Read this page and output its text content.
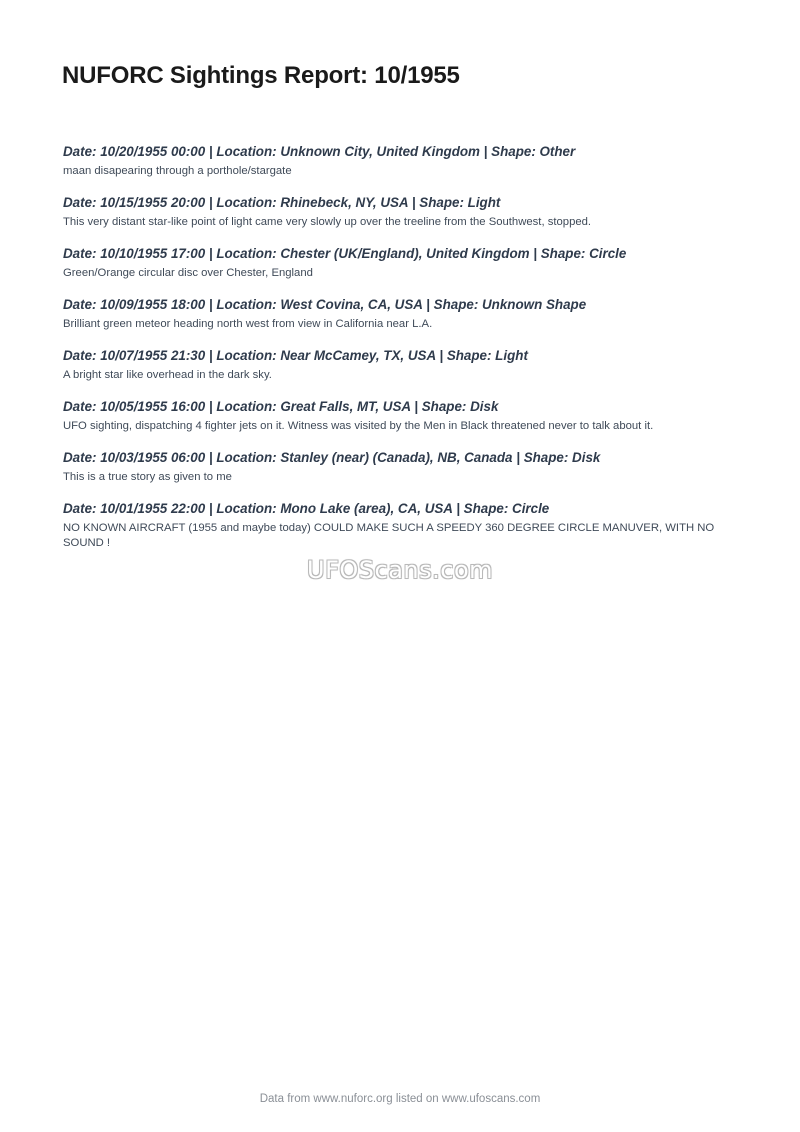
NUFORC Sightings Report: 10/1955
Date: 10/20/1955 00:00 | Location: Unknown City, United Kingdom | Shape: Other
maan disapearing through a porthole/stargate
Date: 10/15/1955 20:00 | Location: Rhinebeck, NY, USA | Shape: Light
This very distant star-like point of light came very slowly up over the treeline from the Southwest, stopped.
Date: 10/10/1955 17:00 | Location: Chester (UK/England), United Kingdom | Shape: Circle
Green/Orange circular disc over Chester, England
Date: 10/09/1955 18:00 | Location: West Covina, CA, USA | Shape: Unknown Shape
Brilliant green meteor heading north west from view in California near L.A.
Date: 10/07/1955 21:30 | Location: Near McCamey, TX, USA | Shape: Light
A bright star like overhead in the dark sky.
Date: 10/05/1955 16:00 | Location: Great Falls, MT, USA | Shape: Disk
UFO sighting, dispatching 4 fighter jets on it. Witness was visited by the Men in Black threatened never to talk about it.
Date: 10/03/1955 06:00 | Location: Stanley (near) (Canada), NB, Canada | Shape: Disk
This is a true story as given to me
Date: 10/01/1955 22:00 | Location: Mono Lake (area), CA, USA | Shape: Circle
NO KNOWN AIRCRAFT (1955 and maybe today) COULD MAKE SUCH A SPEEDY 360 DEGREE CIRCLE MANUVER, WITH NO SOUND !
UFOScans.com
Data from www.nuforc.org listed on www.ufoscans.com
